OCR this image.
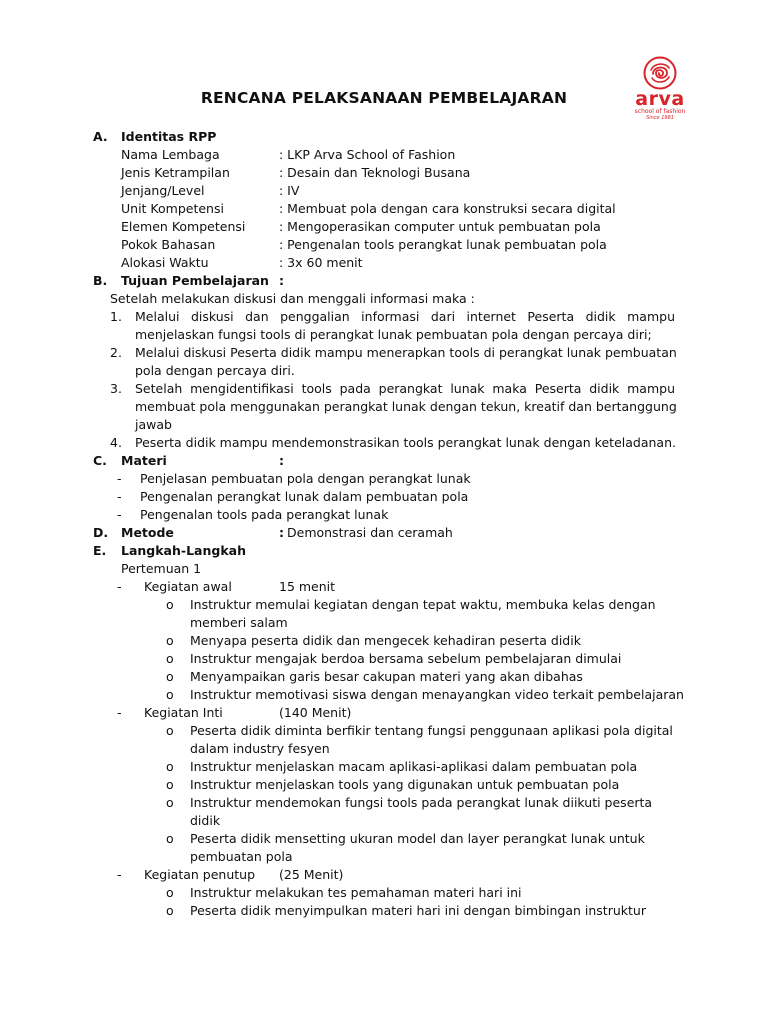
arva
school of fashion
Since 1981
RENCANA PELAKSANAAN PEMBELAJARAN
A. Identitas RPP
Nama Lembaga	: LKP Arva School of Fashion
Jenis Ketrampilan	: Desain dan Teknologi Busana
Jenjang/Level	: IV
Unit Kompetensi	: Membuat pola dengan cara konstruksi secara digital
Elemen Kompetensi	: Mengoperasikan computer untuk pembuatan pola
Pokok Bahasan	: Pengenalan tools perangkat lunak pembuatan pola
Alokasi Waktu	: 3x 60 menit
B. Tujuan Pembelajaran :
Setelah melakukan diskusi dan menggali informasi maka :
1. Melalui diskusi dan penggalian informasi dari internet Peserta didik mampu
menjelaskan fungsi tools di perangkat lunak pembuatan pola dengan percaya diri;
2. Melalui diskusi Peserta didik mampu menerapkan tools di perangkat lunak pembuatan
pola dengan percaya diri.
3. Setelah mengidentifikasi tools pada perangkat lunak maka Peserta didik mampu
membuat pola menggunakan perangkat lunak dengan tekun, kreatif dan bertanggung
jawab
4. Peserta didik mampu mendemonstrasikan tools perangkat lunak dengan keteladanan.
C. Materi	:
- Penjelasan pembuatan pola dengan perangkat lunak
- Pengenalan perangkat lunak dalam pembuatan pola
- Pengenalan tools pada perangkat lunak
D. Metode	: Demonstrasi dan ceramah
E. Langkah-Langkah
Pertemuan 1
- Kegiatan awal	15 menit
o Instruktur memulai kegiatan dengan tepat waktu, membuka kelas dengan
memberi salam
o Menyapa peserta didik dan mengecek kehadiran peserta didik
o Instruktur mengajak berdoa bersama sebelum pembelajaran dimulai
o Menyampaikan garis besar cakupan materi yang akan dibahas
o Instruktur memotivasi siswa dengan menayangkan video terkait pembelajaran
- Kegiatan Inti	(140 Menit)
o Peserta didik diminta berfikir tentang fungsi penggunaan aplikasi pola digital
dalam industry fesyen
o Instruktur menjelaskan macam aplikasi-aplikasi dalam pembuatan pola
o Instruktur menjelaskan tools yang digunakan untuk pembuatan pola
o Instruktur mendemokan fungsi tools pada perangkat lunak diikuti peserta
didik
o Peserta didik mensetting ukuran model dan layer perangkat lunak untuk
pembuatan pola
- Kegiatan penutup (25 Menit)
o Instruktur melakukan tes pemahaman materi hari ini
o Peserta didik menyimpulkan materi hari ini dengan bimbingan instruktur
